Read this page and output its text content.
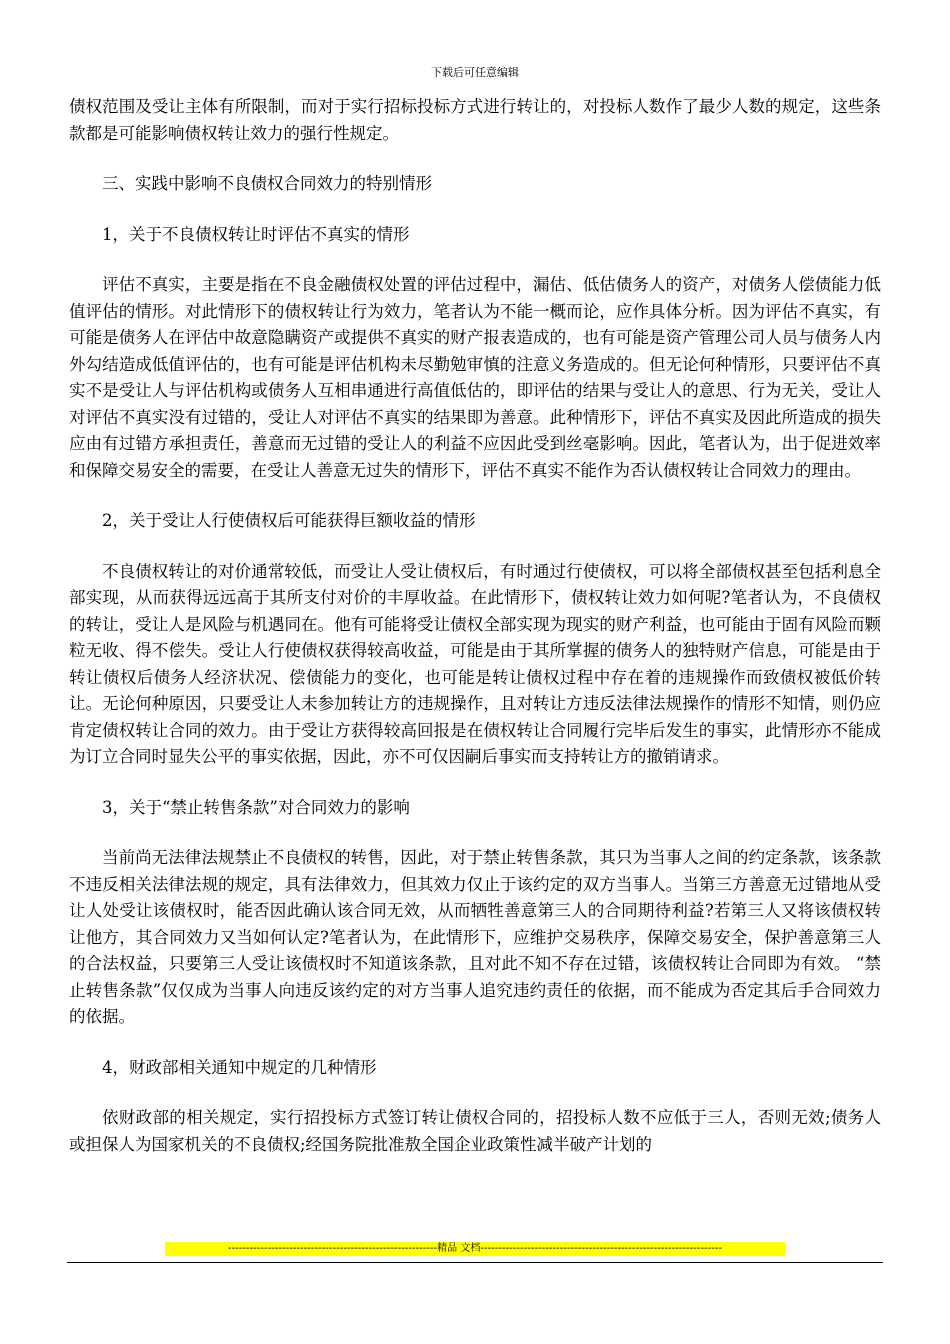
下载后可任意编辑

债权范围及受让主体有所限制，而对于实行招标投标方式进行转让的，对投标人数作了最少人数的规定，这些条款都是可能影响债权转让效力的强行性规定。

三、实践中影响不良债权合同效力的特别情形

1，关于不良债权转让时评估不真实的情形

评估不真实，主要是指在不良金融债权处置的评估过程中，漏估、低估债务人的资产，对债务人偿债能力低值评估的情形。对此情形下的债权转让行为效力，笔者认为不能一概而论，应作具体分析。因为评估不真实，有可能是债务人在评估中故意隐瞒资产或提供不真实的财产报表造成的，也有可能是资产管理公司人员与债务人内外勾结造成低值评估的，也有可能是评估机构未尽勤勉审慎的注意义务造成的。但无论何种情形，只要评估不真实不是受让人与评估机构或债务人互相串通进行高值低估的，即评估的结果与受让人的意思、行为无关，受让人对评估不真实没有过错的，受让人对评估不真实的结果即为善意。此种情形下，评估不真实及因此所造成的损失应由有过错方承担责任，善意而无过错的受让人的利益不应因此受到丝毫影响。因此，笔者认为，出于促进效率和保障交易安全的需要，在受让人善意无过失的情形下，评估不真实不能作为否认债权转让合同效力的理由。

2，关于受让人行使债权后可能获得巨额收益的情形

不良债权转让的对价通常较低，而受让人受让债权后，有时通过行使债权，可以将全部债权甚至包括利息全部实现，从而获得远远高于其所支付对价的丰厚收益。在此情形下，债权转让效力如何呢?笔者认为，不良债权的转让，受让人是风险与机遇同在。他有可能将受让债权全部实现为现实的财产利益，也可能由于固有风险而颗粒无收、得不偿失。受让人行使债权获得较高收益，可能是由于其所掌握的债务人的独特财产信息，可能是由于转让债权后债务人经济状况、偿债能力的变化，也可能是转让债权过程中存在着的违规操作而致债权被低价转让。无论何种原因，只要受让人未参加转让方的违规操作，且对转让方违反法律法规操作的情形不知情，则仍应肯定债权转让合同的效力。由于受让方获得较高回报是在债权转让合同履行完毕后发生的事实，此情形亦不能成为订立合同时显失公平的事实依据，因此，亦不可仅因嗣后事实而支持转让方的撤销请求。

3，关于“禁止转售条款”对合同效力的影响

当前尚无法律法规禁止不良债权的转售，因此，对于禁止转售条款，其只为当事人之间的约定条款，该条款不违反相关法律法规的规定，具有法律效力，但其效力仅止于该约定的双方当事人。当第三方善意无过错地从受让人处受让该债权时，能否因此确认该合同无效，从而牺牲善意第三人的合同期待利益?若第三人又将该债权转让他方，其合同效力又当如何认定?笔者认为，在此情形下，应维护交易秩序，保障交易安全，保护善意第三人的合法权益，只要第三人受让该债权时不知道该条款，且对此不知不存在过错，该债权转让合同即为有效。 “禁止转售条款”仅仅成为当事人向违反该约定的对方当事人追究违约责任的依据，而不能成为否定其后手合同效力的依据。

4，财政部相关通知中规定的几种情形

依财政部的相关规定，实行招投标方式签订转让债权合同的，招投标人数不应低于三人，否则无效;债务人或担保人为国家机关的不良债权;经国务院批准敖全国企业政策性减半破产计划的

----------------------------------------------------------精品 文档-------------------------------------------------------------------
